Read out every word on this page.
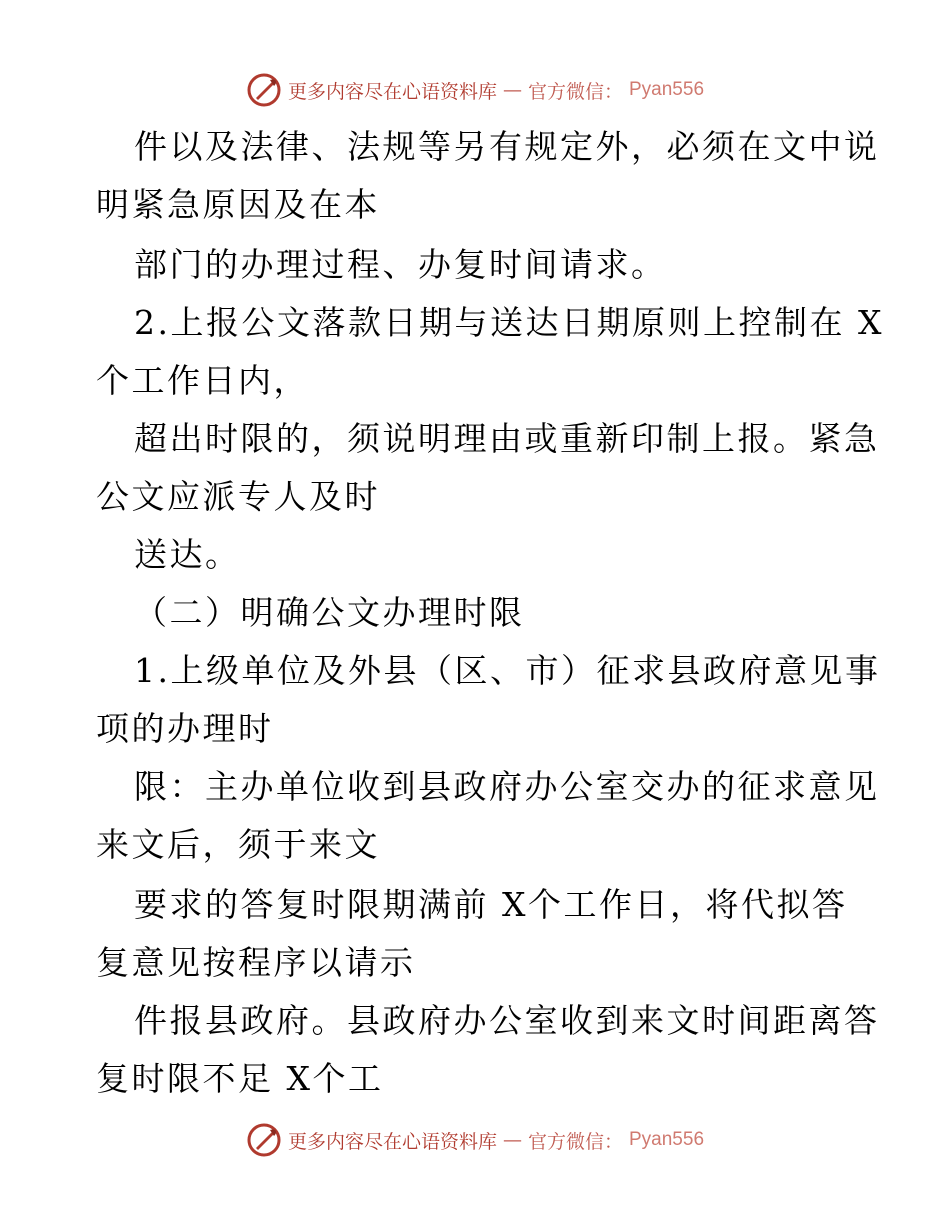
更多内容尽在心语资料库 — 官方微信： Pyan556
件以及法律、法规等另有规定外，必须在文中说
明紧急原因及在本
部门的办理过程、办复时间请求。
2.上报公文落款日期与送达日期原则上控制在 X
个工作日内，
超出时限的，须说明理由或重新印制上报。紧急
公文应派专人及时
送达。
（二）明确公文办理时限
1.上级单位及外县（区、市）征求县政府意见事
项的办理时
限：主办单位收到县政府办公室交办的征求意见
来文后，须于来文
要求的答复时限期满前 X个工作日，将代拟答
复意见按程序以请示
件报县政府。县政府办公室收到来文时间距离答
复时限不足 X个工
更多内容尽在心语资料库 — 官方微信： Pyan556
